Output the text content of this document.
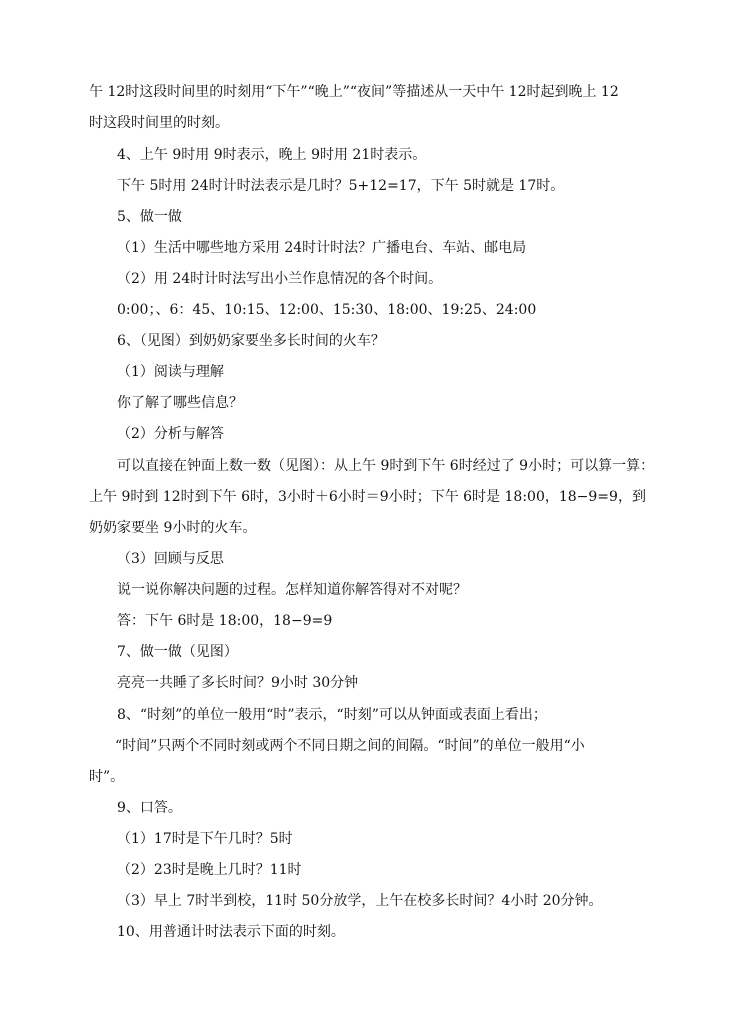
午 12时这段时间里的时刻用“下午”“晚上”“夜间”等描述从一天中午 12时起到晚上 12
时这段时间里的时刻。
4、上午 9时用 9时表示，晚上 9时用 21时表示。
下午 5时用 24时计时法表示是几时？5+12=17，下午 5时就是 17时。
5、做一做
（1）生活中哪些地方采用 24时计时法？广播电台、车站、邮电局
（2）用 24时计时法写出小兰作息情况的各个时间。
0:00；、6：45、10:15、12:00、15:30、18:00、19:25、24:00
6、（见图）到奶奶家要坐多长时间的火车？
（1）阅读与理解
你了解了哪些信息？
（2）分析与解答
可以直接在钟面上数一数（见图）：从上午 9时到下午 6时经过了 9小时；可以算一算：
上午 9时到 12时到下午 6时，3小时＋6小时＝9小时；下午 6时是 18:00，18−9=9，到
奶奶家要坐 9小时的火车。
（3）回顾与反思
说一说你解决问题的过程。怎样知道你解答得对不对呢？
答：下午 6时是 18:00，18−9=9
7、做一做（见图）
亮亮一共睡了多长时间？9小时 30分钟
8、“时刻”的单位一般用“时”表示，“时刻”可以从钟面或表面上看出；
“时间”只两个不同时刻或两个不同日期之间的间隔。“时间”的单位一般用“小
时”。
9、口答。
（1）17时是下午几时？5时
（2）23时是晚上几时？11时
（3）早上 7时半到校，11时 50分放学，上午在校多长时间？4小时 20分钟。
10、用普通计时法表示下面的时刻。
